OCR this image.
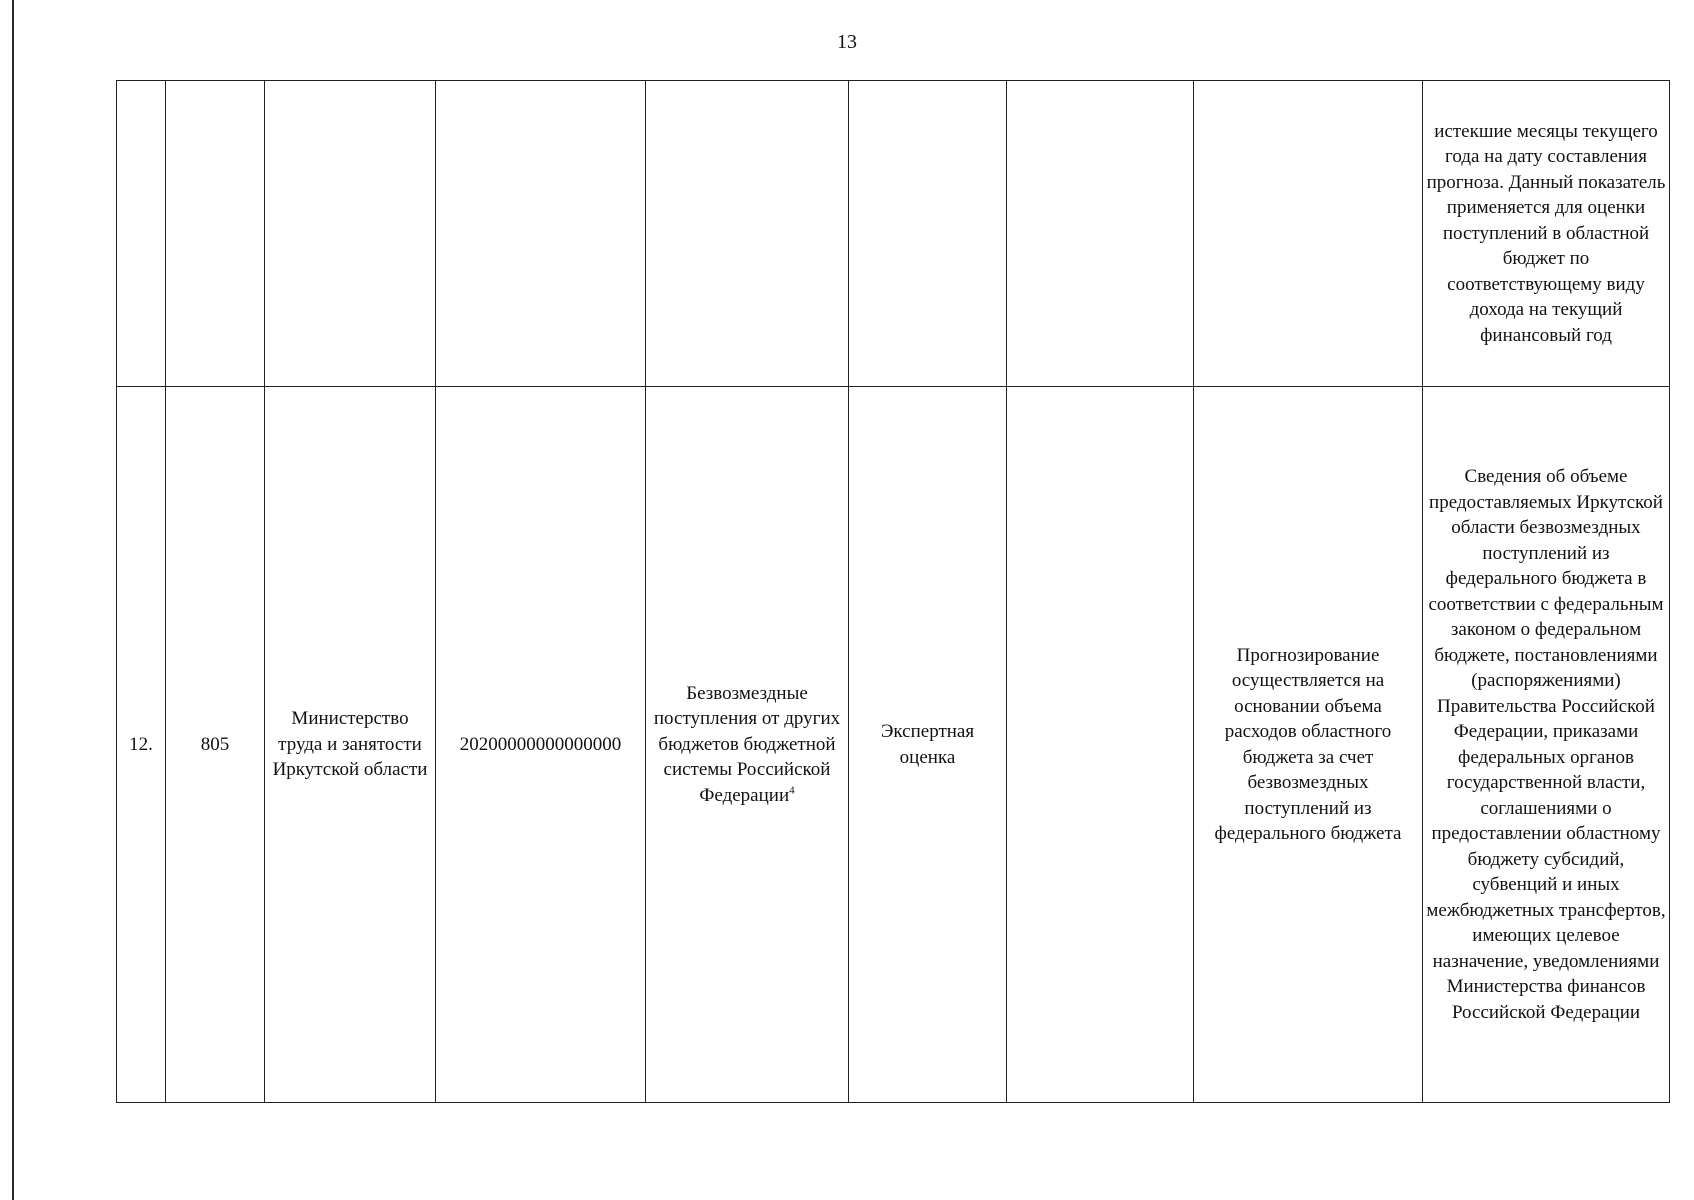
13
								истекшие месяцы текущего года на дату составления прогноза. Данный показатель применяется для оценки поступлений в областной бюджет по соответствующему виду дохода на текущий финансовый год
12.	805	Министерство труда и занятости Иркутской области	20200000000000000	Безвозмездные поступления от других бюджетов бюджетной системы Российской Федерации$^4$	Экспертная оценка		Прогнозирование осуществляется на основании объема расходов областного бюджета за счет безвозмездных поступлений из федерального бюджета	Сведения об объеме предоставляемых Иркутской области безвозмездных поступлений из федерального бюджета в соответствии с федеральным законом о федеральном бюджете, постановлениями (распоряжениями) Правительства Российской Федерации, приказами федеральных органов государственной власти, соглашениями о предоставлении областному бюджету субсидий, субвенций и иных межбюджетных трансфертов, имеющих целевое назначение, уведомлениями Министерства финансов Российской Федерации
